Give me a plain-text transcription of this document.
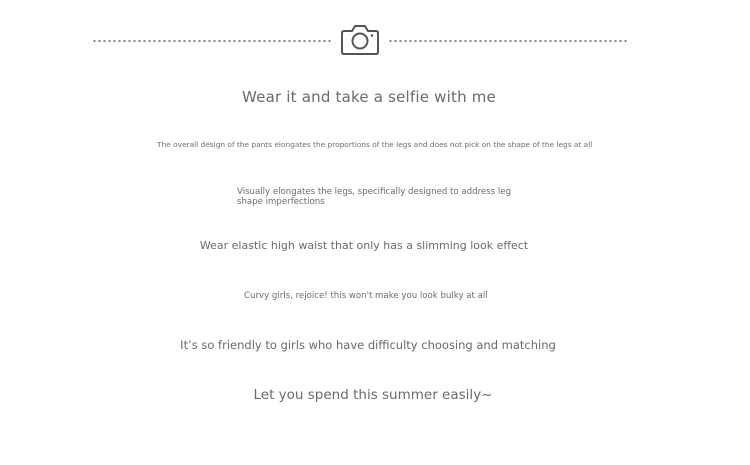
Wear it and take a selfie with me

The overall design of the pants elongates the proportions of the legs and does not pick on the shape of the legs at all

Visually elongates the legs, specifically designed to address leg shape imperfections

Wear elastic high waist that only has a slimming look effect

Curvy girls, rejoice! this won't make you look bulky at all

It’s so friendly to girls who have difficulty choosing and matching

Let you spend this summer easily~
